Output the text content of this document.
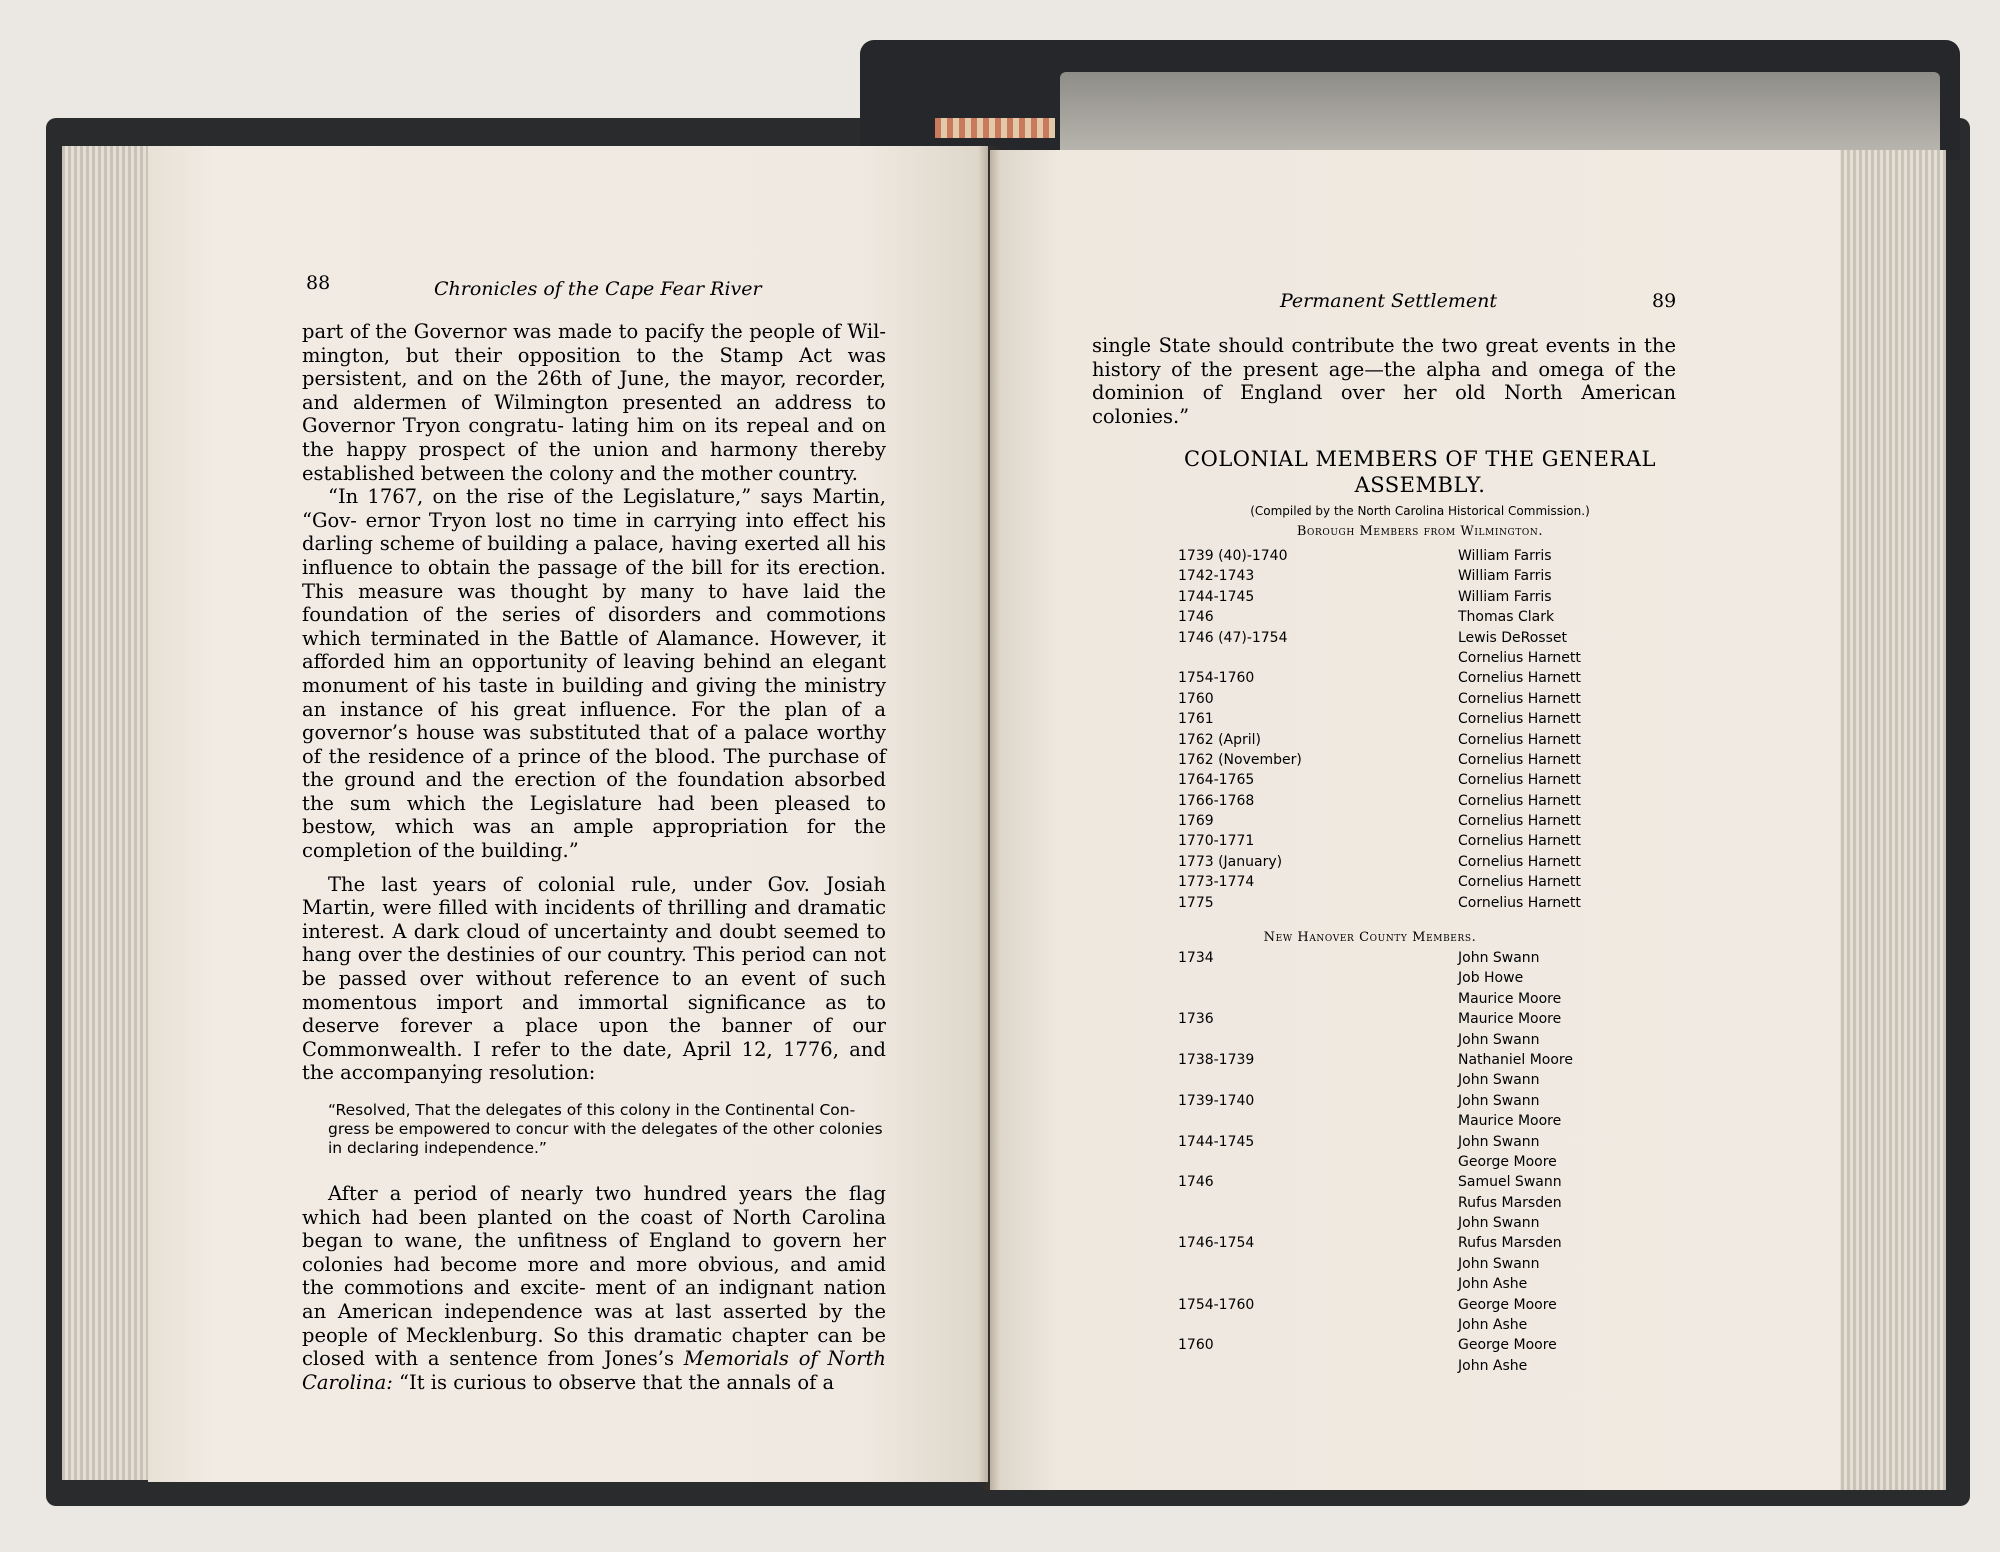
88	Chronicles of the Cape Fear River

part of the Governor was made to pacify the people of Wil- mington, but their opposition to the Stamp Act was persistent, and on the 26th of June, the mayor, recorder, and aldermen of Wilmington presented an address to Governor Tryon congratu- lating him on its repeal and on the happy prospect of the union and harmony thereby established between the colony and the mother country.

“In 1767, on the rise of the Legislature,” says Martin, “Gov- ernor Tryon lost no time in carrying into effect his darling scheme of building a palace, having exerted all his influence to obtain the passage of the bill for its erection. This measure was thought by many to have laid the foundation of the series of disorders and commotions which terminated in the Battle of Alamance. However, it afforded him an opportunity of leaving behind an elegant monument of his taste in building and giving the ministry an instance of his great influence. For the plan of a governor’s house was substituted that of a palace worthy of the residence of a prince of the blood. The purchase of the ground and the erection of the foundation absorbed the sum which the Legislature had been pleased to bestow, which was an ample appropriation for the completion of the building.”

The last years of colonial rule, under Gov. Josiah Martin, were filled with incidents of thrilling and dramatic interest. A dark cloud of uncertainty and doubt seemed to hang over the destinies of our country. This period can not be passed over without reference to an event of such momentous import and immortal significance as to deserve forever a place upon the banner of our Commonwealth. I refer to the date, April 12, 1776, and the accompanying resolution:

“Resolved, That the delegates of this colony in the Continental Con-
gress be empowered to concur with the delegates of the other colonies
in declaring independence.”

After a period of nearly two hundred years the flag which had been planted on the coast of North Carolina began to wane, the unfitness of England to govern her colonies had become more and more obvious, and amid the commotions and excite- ment of an indignant nation an American independence was at last asserted by the people of Mecklenburg. So this dramatic chapter can be closed with a sentence from Jones’s Memorials of North Carolina: “It is curious to observe that the annals of a

Permanent Settlement	89

single State should contribute the two great events in the history of the present age—the alpha and omega of the dominion of England over her old North American colonies.”

COLONIAL MEMBERS OF THE GENERAL
ASSEMBLY.
(Compiled by the North Carolina Historical Commission.)
Borough Members from Wilmington.
1739 (40)-1740	William Farris
1742-1743	William Farris
1744-1745	William Farris
1746	Thomas Clark
1746 (47)-1754	Lewis DeRosset
Cornelius Harnett
1754-1760	Cornelius Harnett
1760	Cornelius Harnett
1761	Cornelius Harnett
1762 (April)	Cornelius Harnett
1762 (November)	Cornelius Harnett
1764-1765	Cornelius Harnett
1766-1768	Cornelius Harnett
1769	Cornelius Harnett
1770-1771	Cornelius Harnett
1773 (January)	Cornelius Harnett
1773-1774	Cornelius Harnett
1775	Cornelius Harnett
New Hanover County Members.
1734	John Swann
Job Howe
Maurice Moore
1736	Maurice Moore
John Swann
1738-1739	Nathaniel Moore
John Swann
1739-1740	John Swann
Maurice Moore
1744-1745	John Swann
George Moore
1746	Samuel Swann
Rufus Marsden
John Swann
1746-1754	Rufus Marsden
John Swann
John Ashe
1754-1760	George Moore
John Ashe
1760	George Moore
John Ashe
